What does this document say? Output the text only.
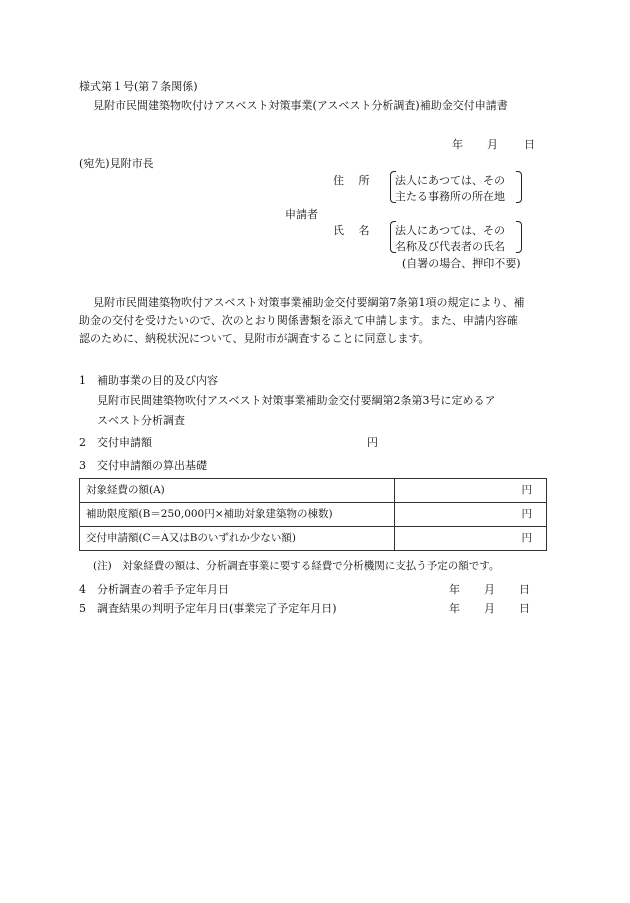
様式第１号(第７条関係)
見附市民間建築物吹付けアスベスト対策事業(アスベスト分析調査)補助金交付申請書
年 月 日
(宛先)見附市長
住　 所 法人にあつては、その
主たる事務所の所在地
申請者
氏　 名 法人にあつては、その
名称及び代表者の氏名
(自署の場合、押印不要)
見附市民間建築物吹付アスベスト対策事業補助金交付要綱第7条第1項の規定により、補
助金の交付を受けたいので、次のとおり関係書類を添えて申請します。また、申請内容確
認のために、納税状況について、見附市が調査することに同意します。
1 補助事業の目的及び内容
見附市民間建築物吹付アスベスト対策事業補助金交付要綱第2条第3号に定めるア
スベスト分析調査
2 交付申請額	円
3 交付申請額の算出基礎
対象経費の額(A)	円
補助限度額(B＝250,000円×補助対象建築物の棟数)	円
交付申請額(C＝A又はBのいずれか少ない額)	円
(注)　対象経費の額は、分析調査事業に要する経費で分析機関に支払う予定の額です。
4 分析調査の着手予定年月日	年 月 日
5 調査結果の判明予定年月日(事業完了予定年月日)	年 月 日
